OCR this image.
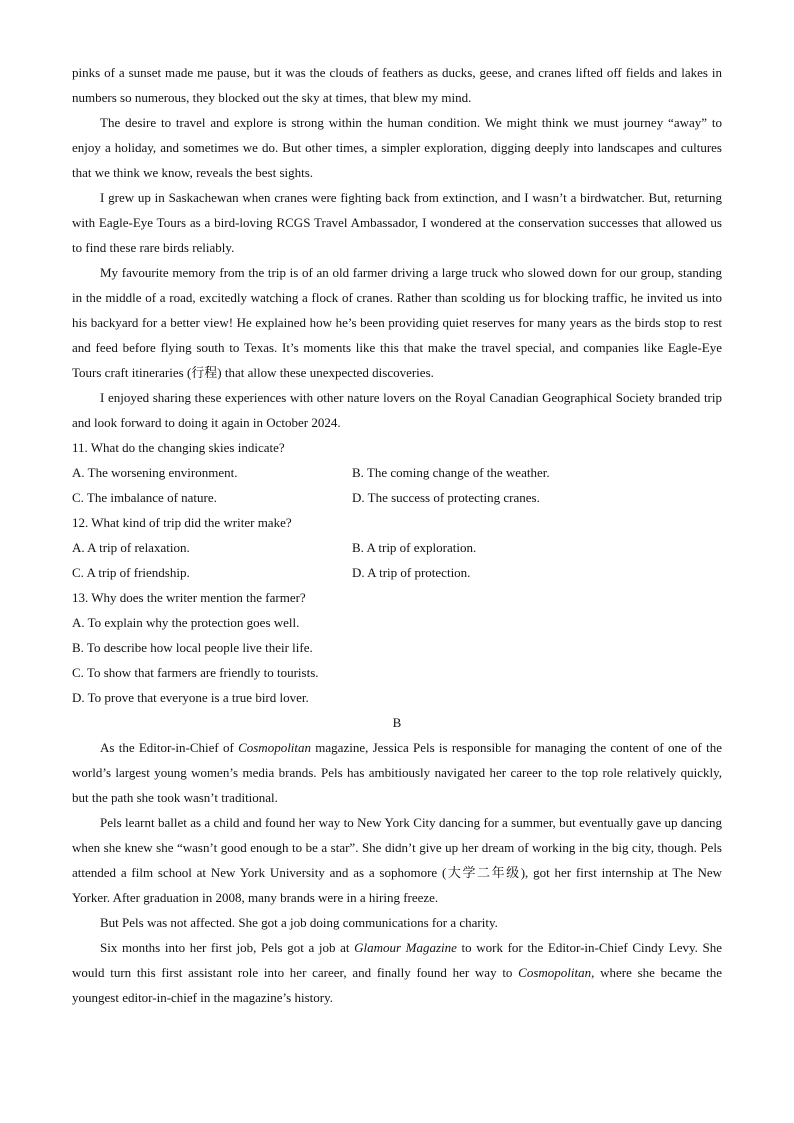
pinks of a sunset made me pause, but it was the clouds of feathers as ducks, geese, and cranes lifted off fields and lakes in numbers so numerous, they blocked out the sky at times, that blew my mind.

The desire to travel and explore is strong within the human condition. We might think we must journey “away” to enjoy a holiday, and sometimes we do. But other times, a simpler exploration, digging deeply into landscapes and cultures that we think we know, reveals the best sights.

I grew up in Saskachewan when cranes were fighting back from extinction, and I wasn’t a birdwatcher. But, returning with Eagle-Eye Tours as a bird-loving RCGS Travel Ambassador, I wondered at the conservation successes that allowed us to find these rare birds reliably.

My favourite memory from the trip is of an old farmer driving a large truck who slowed down for our group, standing in the middle of a road, excitedly watching a flock of cranes. Rather than scolding us for blocking traffic, he invited us into his backyard for a better view! He explained how he’s been providing quiet reserves for many years as the birds stop to rest and feed before flying south to Texas. It’s moments like this that make the travel special, and companies like Eagle-Eye Tours craft itineraries (行程) that allow these unexpected discoveries.

I enjoyed sharing these experiences with other nature lovers on the Royal Canadian Geographical Society branded trip and look forward to doing it again in October 2024.

11. What do the changing skies indicate?

A. The worsening environment.	B. The coming change of the weather.

C. The imbalance of nature.	D. The success of protecting cranes.

12. What kind of trip did the writer make?

A. A trip of relaxation.	B. A trip of exploration.

C. A trip of friendship.	D. A trip of protection.

13. Why does the writer mention the farmer?

A. To explain why the protection goes well.

B. To describe how local people live their life.

C. To show that farmers are friendly to tourists.

D. To prove that everyone is a true bird lover.

B

As the Editor-in-Chief of Cosmopolitan magazine, Jessica Pels is responsible for managing the content of one of the world’s largest young women’s media brands. Pels has ambitiously navigated her career to the top role relatively quickly, but the path she took wasn’t traditional.

Pels learnt ballet as a child and found her way to New York City dancing for a summer, but eventually gave up dancing when she knew she “wasn’t good enough to be a star”. She didn’t give up her dream of working in the big city, though. Pels attended a film school at New York University and as a sophomore (大学二年级), got her first internship at The New Yorker. After graduation in 2008, many brands were in a hiring freeze.

But Pels was not affected. She got a job doing communications for a charity.

Six months into her first job, Pels got a job at Glamour Magazine to work for the Editor-in-Chief Cindy Levy. She would turn this first assistant role into her career, and finally found her way to Cosmopolitan, where she became the youngest editor-in-chief in the magazine’s history.
